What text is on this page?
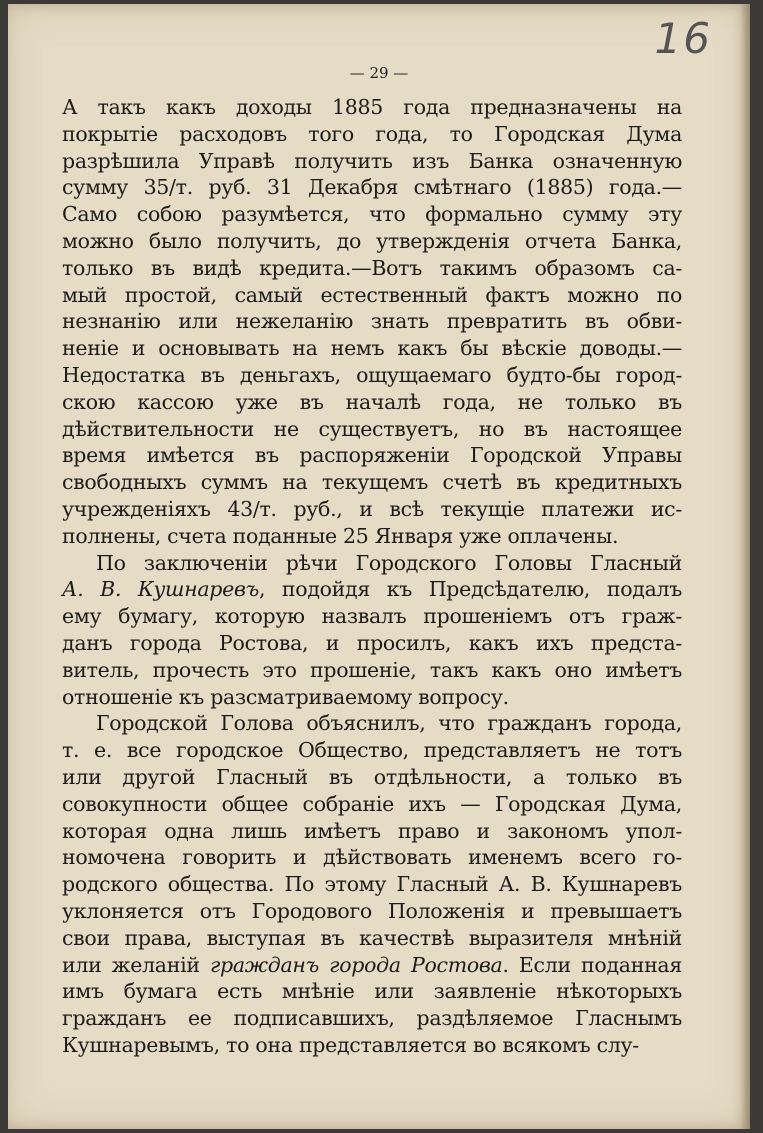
16
— 29 —
А такъ какъ доходы 1885 года предназначены на
покрытіе расходовъ того года, то Городская Дума
разрѣшила Управѣ получить изъ Банка означенную
сумму 35/т. руб. 31 Декабря смѣтнаго (1885) года.—
Само собою разумѣется, что формально сумму эту
можно было получить, до утвержденія отчета Банка,
только въ видѣ кредита.—Вотъ такимъ образомъ са-
мый простой, самый естественный фактъ можно по
незнанію или нежеланію знать превратить въ обви-
неніе и основывать на немъ какъ бы вѣскіе доводы.—
Недостатка въ деньгахъ, ощущаемаго будто-бы город-
скою кассою уже въ началѣ года, не только въ
дѣйствительности не существуетъ, но въ настоящее
время имѣется въ распоряженіи Городской Управы
свободныхъ суммъ на текущемъ счетѣ въ кредитныхъ
учрежденіяхъ 43/т. руб., и всѣ текущіе платежи ис-
полнены, счета поданные 25 Января уже оплачены.
По заключеніи рѣчи Городского Головы Гласный
А. В. Кушнаревъ, подойдя къ Предсѣдателю, подалъ
ему бумагу, которую назвалъ прошеніемъ отъ граж-
данъ города Ростова, и просилъ, какъ ихъ предста-
витель, прочесть это прошеніе, такъ какъ оно имѣетъ
отношеніе къ разсматриваемому вопросу.
Городской Голова объяснилъ, что гражданъ города,
т. е. все городское Общество, представляетъ не тотъ
или другой Гласный въ отдѣльности, а только въ
совокупности общее собраніе ихъ — Городская Дума,
которая одна лишь имѣетъ право и закономъ упол-
номочена говорить и дѣйствовать именемъ всего го-
родского общества. По этому Гласный А. В. Кушнаревъ
уклоняется отъ Городового Положенія и превышаетъ
свои права, выступая въ качествѣ выразителя мнѣній
или желаній гражданъ города Ростова. Если поданная
имъ бумага есть мнѣніе или заявленіе нѣкоторыхъ
гражданъ ее подписавшихъ, раздѣляемое Гласнымъ
Кушнаревымъ, то она представляется во всякомъ слу-
